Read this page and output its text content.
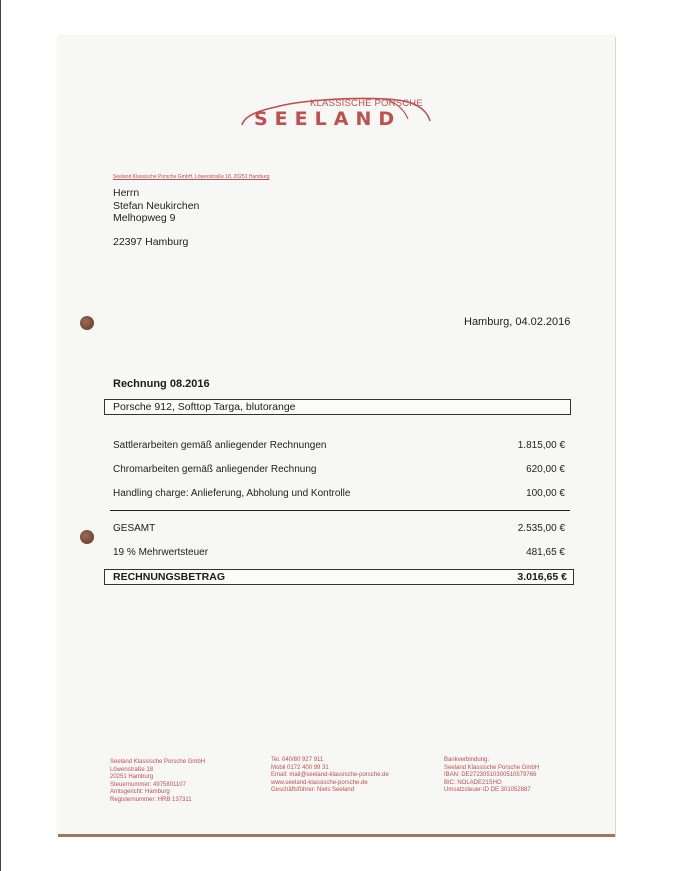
KLASSISCHE PORSCHE
SEELAND
Seeland Klassische Porsche GmbH, Löwenstraße 18, 20251 Hamburg
Herrn
Stefan Neukirchen
Melhopweg 9
22397 Hamburg
Hamburg, 04.02.2016
Rechnung 08.2016
Porsche 912, Softtop Targa, blutorange
Sattlerarbeiten gemäß anliegender Rechnungen	1.815,00 €
Chromarbeiten gemäß anliegender Rechnung	620,00 €
Handling charge: Anlieferung, Abholung und Kontrolle	100,00 €
GESAMT	2.535,00 €
19 % Mehrwertsteuer	481,65 €
RECHNUNGSBETRAG	3.016,65 €
Seeland Klassische Porsche GmbH
Löwenstraße 18
20251 Hamburg
Steuernummer: 4975801107
Amtsgericht: Hamburg
Registernummer: HRB 137311
Tel. 040/80 927 911
Mobil 0172 400 99 31
Email: mail@seeland-klassische-porsche.de
www.seeland-klassische-porsche.de
Geschäftsführer: Niels Seeland
Bankverbindung:
Seeland Klassische Porsche GmbH
IBAN: DE27230510300510579766
BIC: NOLADE21SHO
Umsatzsteuer-ID DE 301052887
